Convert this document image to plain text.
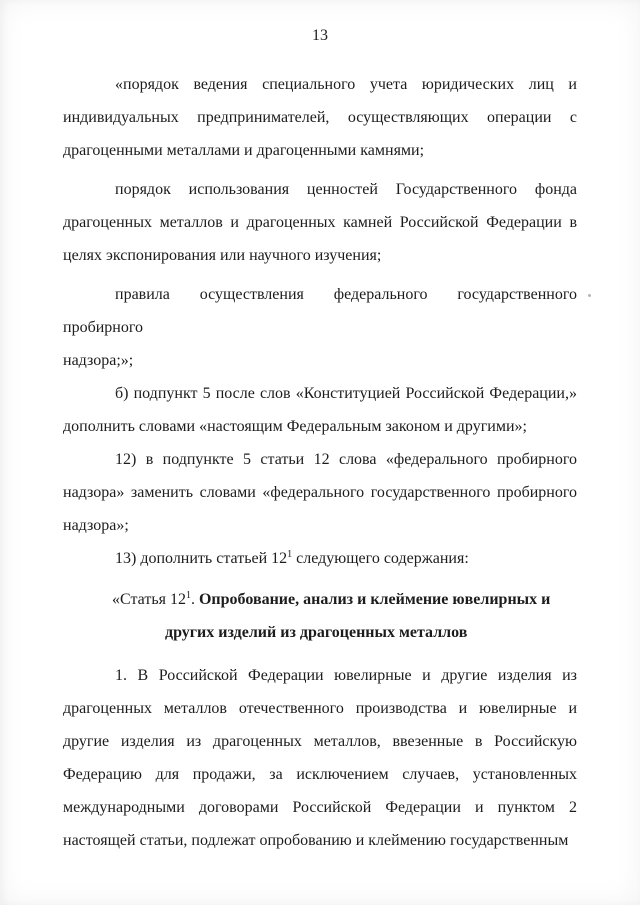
13
«порядок ведения специального учета юридических лиц и
индивидуальных предпринимателей, осуществляющих операции с
драгоценными металлами и драгоценными камнями;
порядок использования ценностей Государственного фонда
драгоценных металлов и драгоценных камней Российской Федерации в
целях экспонирования или научного изучения;
правила осуществления федерального государственного пробирного
надзора;»;
б) подпункт 5 после слов «Конституцией Российской Федерации,»
дополнить словами «настоящим Федеральным законом и другими»;
12) в подпункте 5 статьи 12 слова «федерального пробирного
надзора» заменить словами «федерального государственного пробирного
надзора»;
13) дополнить статьей $12^1$ следующего содержания:
«Статья $12^1$. Опробование, анализ и клеймение ювелирных и
других изделий из драгоценных металлов
1. В Российской Федерации ювелирные и другие изделия из
драгоценных металлов отечественного производства и ювелирные и
другие изделия из драгоценных металлов, ввезенные в Российскую
Федерацию для продажи, за исключением случаев, установленных
международными договорами Российской Федерации и пунктом 2
настоящей статьи, подлежат опробованию и клеймению государственным
